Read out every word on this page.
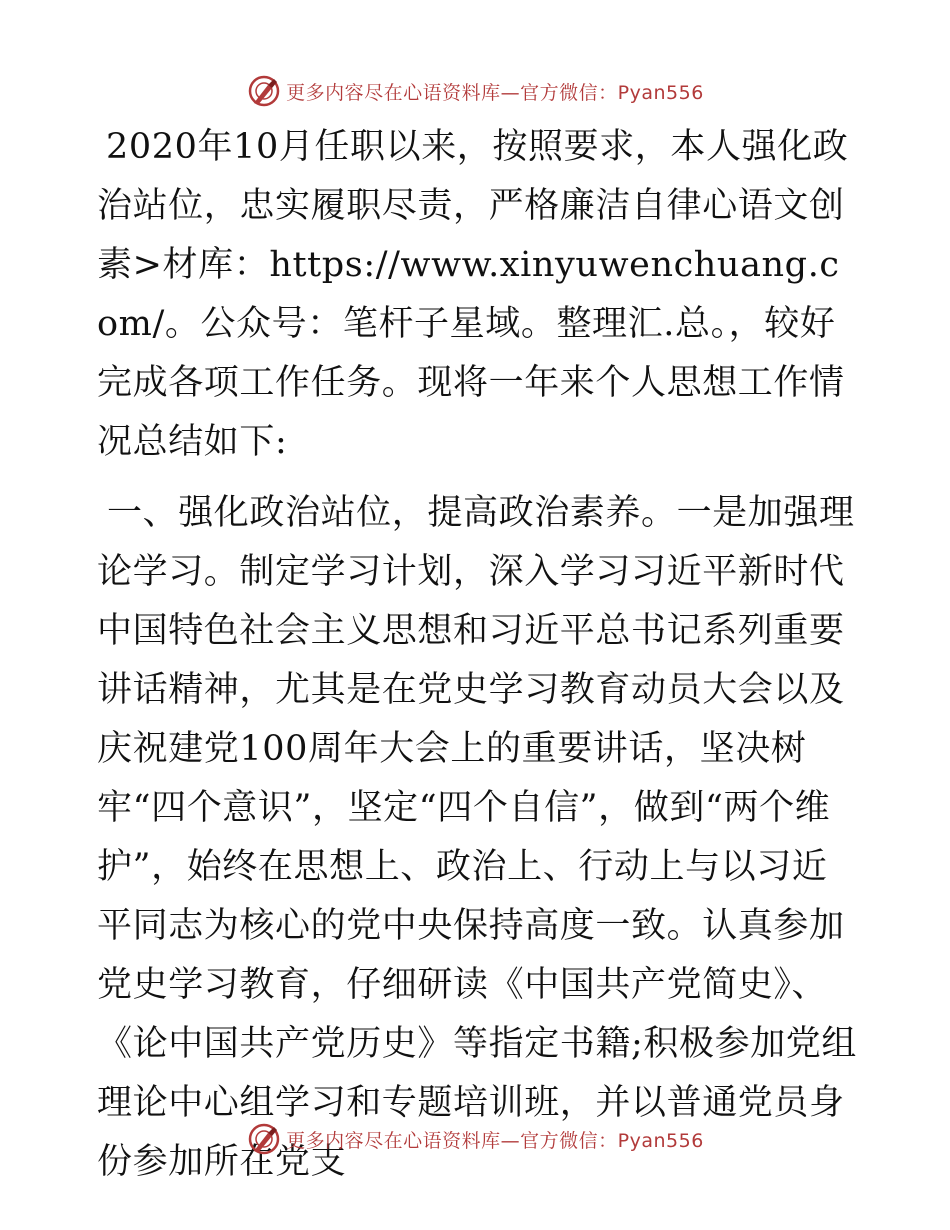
更多内容尽在心语资料库—官方微信：Pyan556

2020年10月任职以来，按照要求，本人强化政治站位，忠实履职尽责，严格廉洁自律心语文创素>材库：https://www.xinyuwenchuang.com/。公众号：笔杆子星域。整理汇.总。，较好完成各项工作任务。现将一年来个人思想工作情况总结如下:

一、强化政治站位，提高政治素养。一是加强理论学习。制定学习计划，深入学习习近平新时代中国特色社会主义思想和习近平总书记系列重要讲话精神，尤其是在党史学习教育动员大会以及庆祝建党100周年大会上的重要讲话，坚决树牢“四个意识”，坚定“四个自信”，做到“两个维护”，始终在思想上、政治上、行动上与以习近平同志为核心的党中央保持高度一致。认真参加党史学习教育，仔细研读《中国共产党简史》、《论中国共产党历史》等指定书籍;积极参加党组理论中心组学习和专题培训班，并以普通党员身份参加所在党支

更多内容尽在心语资料库—官方微信：Pyan556
